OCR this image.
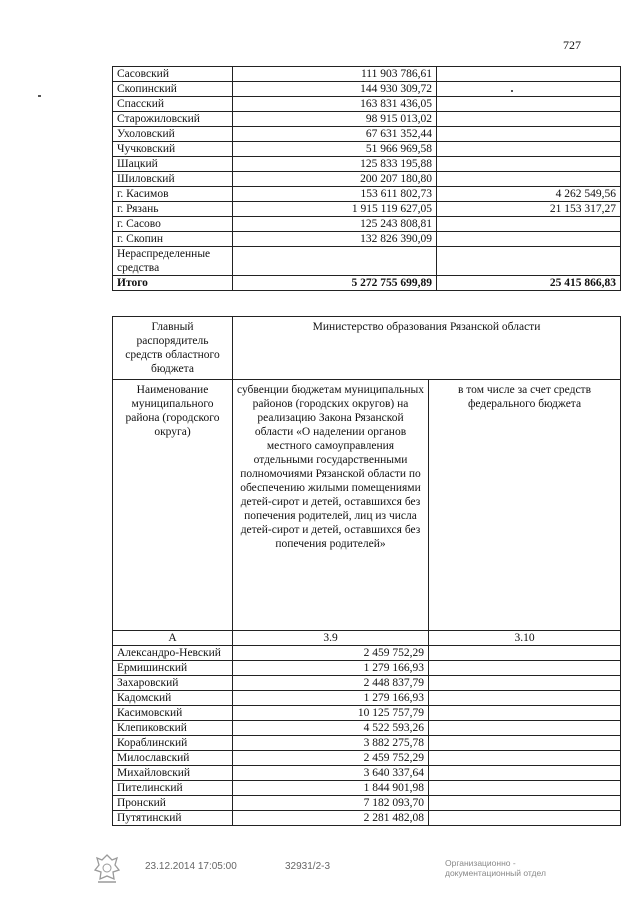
727
Сасовский	111 903 786,61	
Скопинский	144 930 309,72	
Спасский	163 831 436,05	
Старожиловский	98 915 013,02	
Ухоловский	67 631 352,44	
Чучковский	51 966 969,58	
Шацкий	125 833 195,88	
Шиловский	200 207 180,80	
г. Касимов	153 611 802,73	4 262 549,56
г. Рязань	1 915 119 627,05	21 153 317,27
г. Сасово	125 243 808,81	
г. Скопин	132 826 390,09	

Нераспределенные
средства		

Итого	5 272 755 699,89	25 415 866,83
Главный распорядитель средств областного бюджета	Министерство образования Рязанской области	
Наименование муниципального района (городского округа)	субвенции бюджетам муниципальных районов (городских округов) на реализацию Закона Рязанской области «О наделении органов местного самоуправления отдельными государственными полномочиями Рязанской области по обеспечению жилыми помещениями детей-сирот и детей, оставшихся без попечения родителей, лиц из числа детей-сирот и детей, оставшихся без попечения родителей»	в том числе за счет средств федерального бюджета
А	3.9	3.10
Александро-Невский	2 459 752,29	
Ермишинский	1 279 166,93	
Захаровский	2 448 837,79	
Кадомский	1 279 166,93	
Касимовский	10 125 757,79	
Клепиковский	4 522 593,26	
Кораблинский	3 882 275,78	
Милославский	2 459 752,29	
Михайловский	3 640 337,64	
Пителинский	1 844 901,98	
Пронский	7 182 093,70	
Путятинский	2 281 482,08	
23.12.2014 17:05:00	32931/2-3	Организационно -
документационный отдел
